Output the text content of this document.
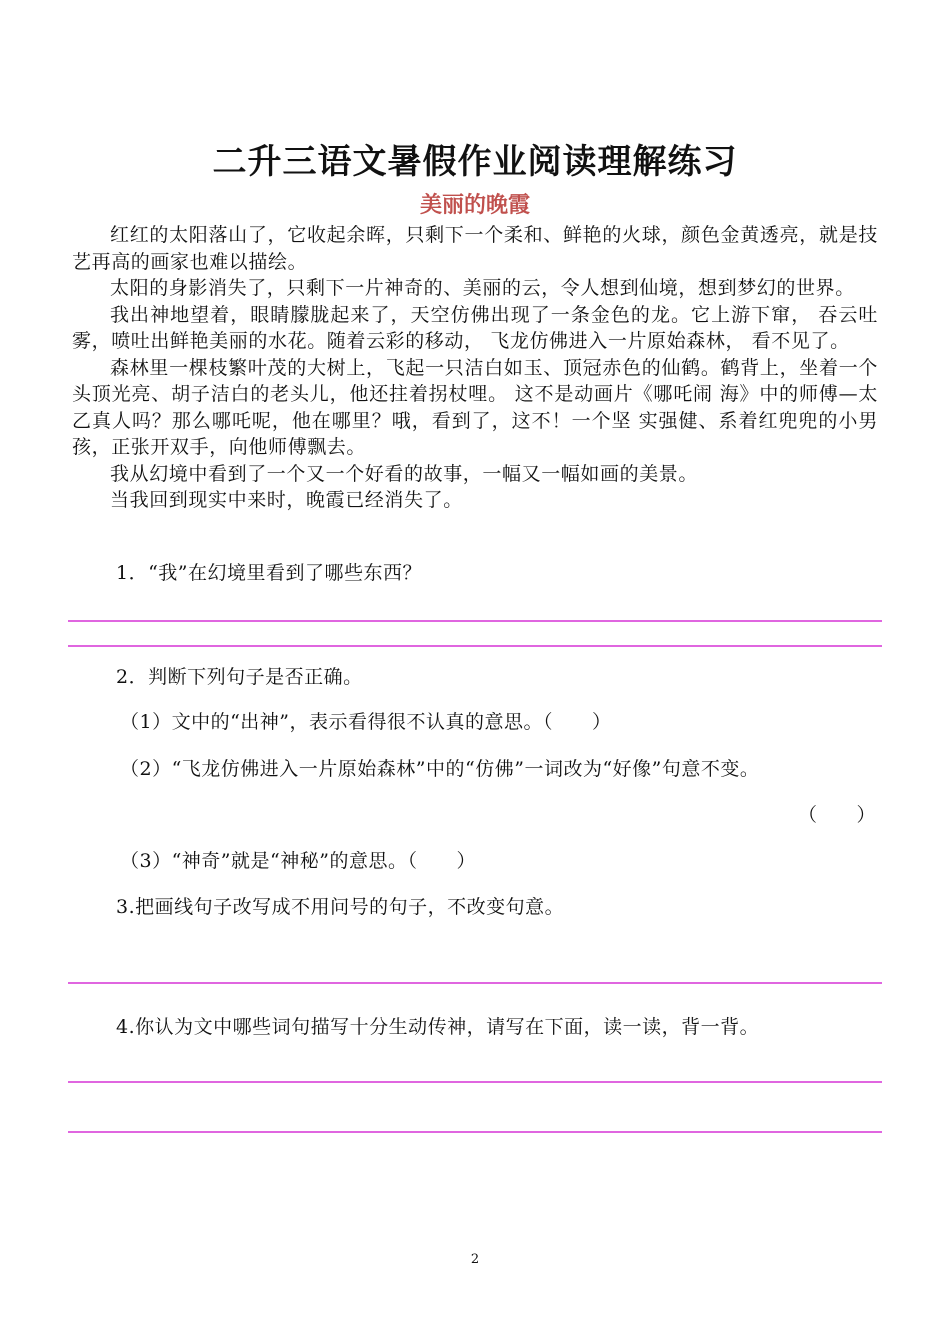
二升三语文暑假作业阅读理解练习
美丽的晚霞

红红的太阳落山了，它收起余晖，只剩下一个柔和、鲜艳的火球，颜色金黄透亮，就是技艺再高的画家也难以描绘。

太阳的身影消失了，只剩下一片神奇的、美丽的云，令人想到仙境，想到梦幻的世界。

我出神地望着，眼睛朦胧起来了，天空仿佛出现了一条金色的龙。它上游下窜， 吞云吐雾，喷吐出鲜艳美丽的水花。随着云彩的移动， 飞龙仿佛进入一片原始森林， 看不见了。

森林里一棵枝繁叶茂的大树上，飞起一只洁白如玉、顶冠赤色的仙鹤。鹤背上，坐着一个头顶光亮、胡子洁白的老头儿，他还拄着拐杖哩。 这不是动画片《哪吒闹 海》中的师傅—太乙真人吗？那么哪吒呢，他在哪里？哦，看到了，这不！一个坚 实强健、系着红兜兜的小男孩，正张开双手，向他师傅飘去。

我从幻境中看到了一个又一个好看的故事，一幅又一幅如画的美景。

当我回到现实中来时，晚霞已经消失了。

1．“我”在幻境里看到了哪些东西？
2．判断下列句子是否正确。
（1）文中的“出神”，表示看得很不认真的意思。（　　）
（2）“飞龙仿佛进入一片原始森林”中的“仿佛”一词改为“好像”句意不变。
（　　）
（3）“神奇”就是“神秘”的意思。（　　）
3.把画线句子改写成不用问号的句子，不改变句意。
4.你认为文中哪些词句描写十分生动传神，请写在下面，读一读，背一背。
2
